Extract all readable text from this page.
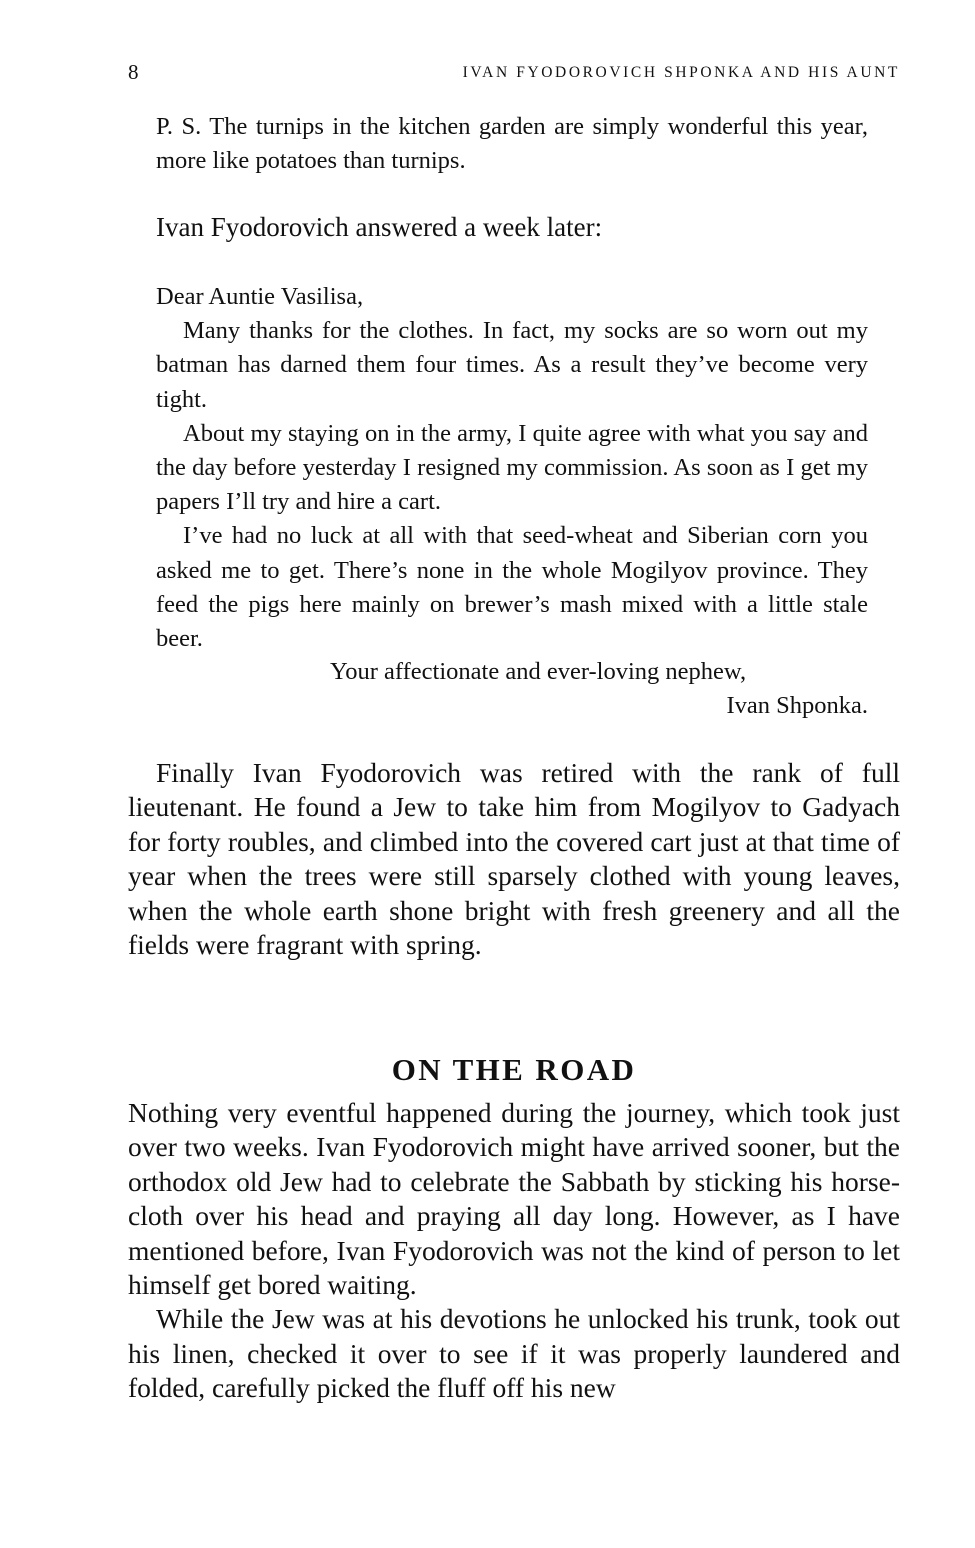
8	IVAN FYODOROVICH SHPONKA AND HIS AUNT

P. S. The turnips in the kitchen garden are simply wonderful this year, more like potatoes than turnips.

Ivan Fyodorovich answered a week later:

Dear Auntie Vasilisa,

Many thanks for the clothes. In fact, my socks are so worn out my batman has darned them four times. As a result they’ve become very tight.

About my staying on in the army, I quite agree with what you say and the day before yesterday I resigned my commission. As soon as I get my papers I’ll try and hire a cart.

I’ve had no luck at all with that seed-wheat and Siberian corn you asked me to get. There’s none in the whole Mogilyov province. They feed the pigs here mainly on brewer’s mash mixed with a little stale beer.

Your affectionate and ever-loving nephew,
Ivan Shponka.

Finally Ivan Fyodorovich was retired with the rank of full lieutenant. He found a Jew to take him from Mogilyov to Gadyach for forty roubles, and climbed into the covered cart just at that time of year when the trees were still sparsely clothed with young leaves, when the whole earth shone bright with fresh greenery and all the fields were fragrant with spring.

ON THE ROAD

Nothing very eventful happened during the journey, which took just over two weeks. Ivan Fyodorovich might have arrived sooner, but the orthodox old Jew had to celebrate the Sabbath by sticking his horse-cloth over his head and praying all day long. However, as I have mentioned before, Ivan Fyodorovich was not the kind of person to let himself get bored waiting.

While the Jew was at his devotions he unlocked his trunk, took out his linen, checked it over to see if it was properly laundered and folded, carefully picked the fluff off his new
